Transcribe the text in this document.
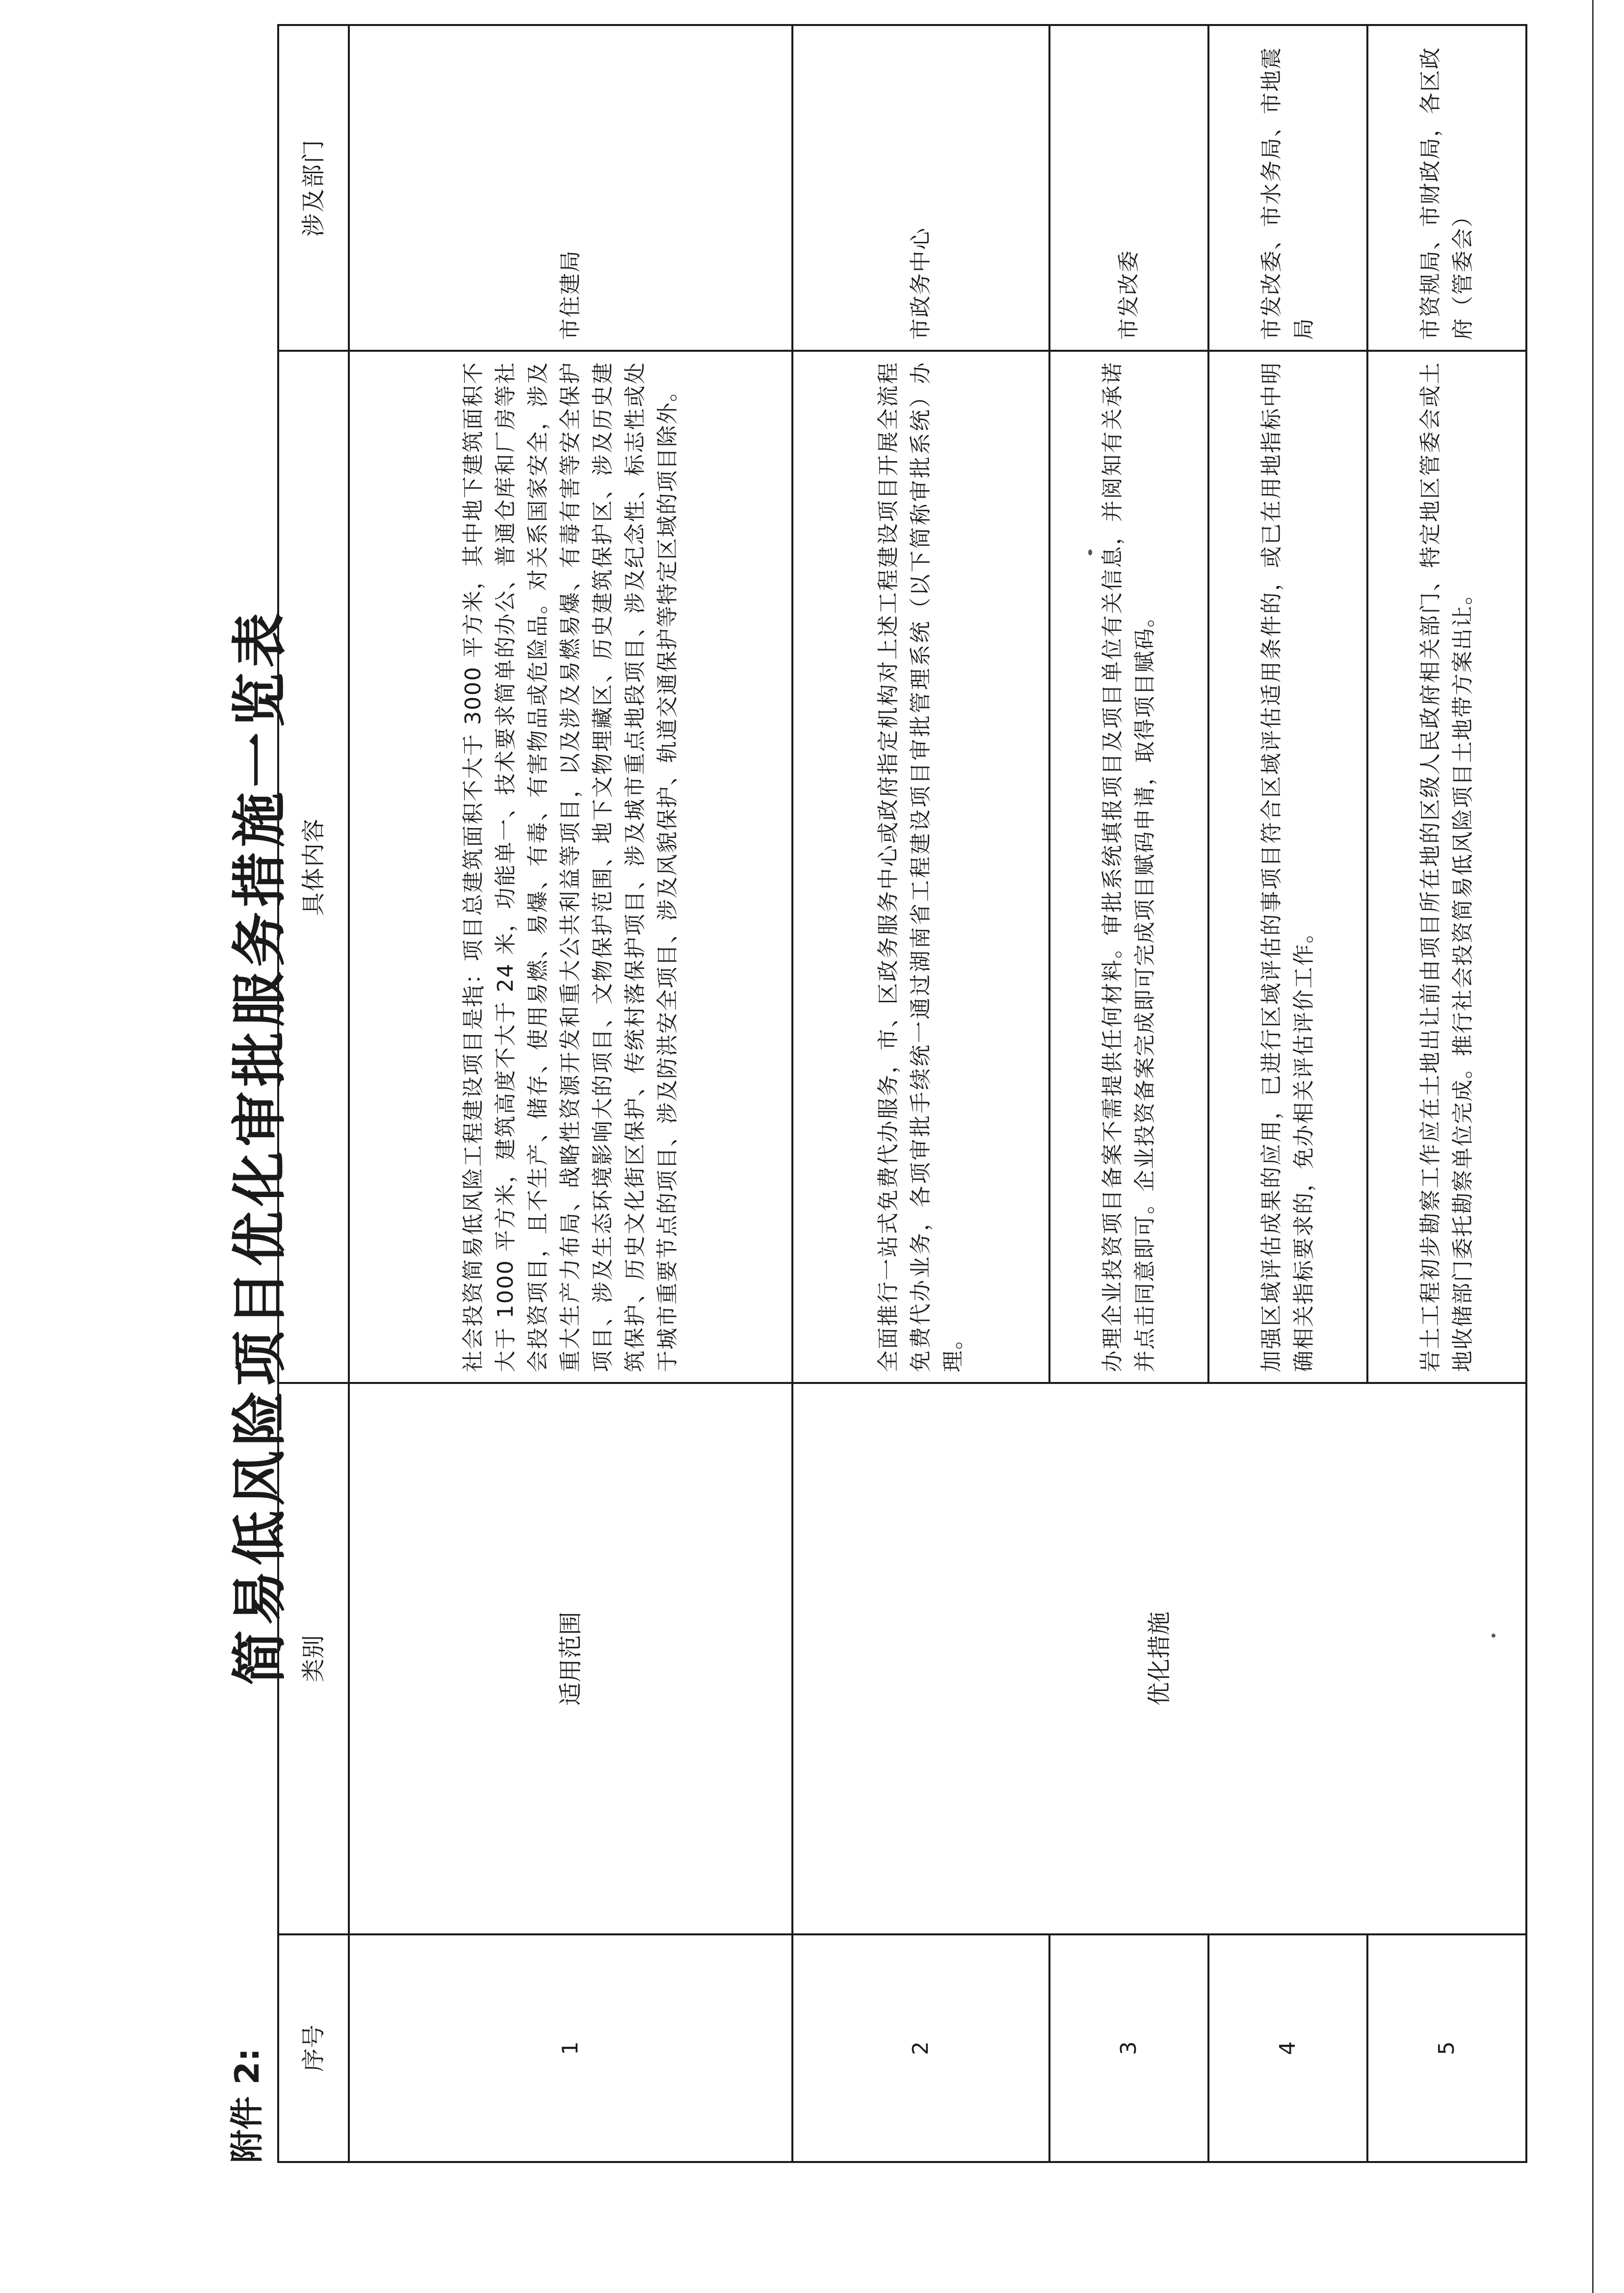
附件 2:
简易低风险项目优化审批服务措施一览表
序号	类别	具体内容	涉及部门
1	适用范围	社会投资简易低风险工程建设项目是指：项目总建筑面积不大于 3000 平方米，其中地下建筑面积不大于 1000 平方米，建筑高度不大于 24 米，功能单一、技术要求简单的办公、普通仓库和厂房等社会投资项目，且不生产、储存、使用易燃、易爆、有毒、有害物品或危险品。对关系国家安全，涉及重大生产力布局、战略性资源开发和重大公共利益等项目，以及涉及易燃易爆、有毒有害等安全保护项目、涉及生态环境影响大的项目、文物保护范围、地下文物埋藏区、历史建筑保护区、涉及历史建筑保护、历史文化街区保护、传统村落保护项目、涉及城市重点地段项目、涉及纪念性、标志性或处于城市重要节点的项目、涉及防洪安全项目、涉及风貌保护、轨道交通保护等特定区域的项目除外。	市住建局
2	优化措施	全面推行一站式免费代办服务，市、区政务服务中心或政府指定机构对上述工程建设项目开展全流程免费代办业务，各项审批手续统一通过湖南省工程建设项目审批管理系统（以下简称审批系统）办理。	市政务中心
3		办理企业投资项目备案不需提供任何材料。审批系统填报项目及项目单位有关信息，并阅知有关承诺并点击同意即可。企业投资备案完成即可完成项目赋码申请，取得项目赋码。	市发改委
4		加强区域评估成果的应用，已进行区域评估的事项目符合区域评估适用条件的，或已在用地指标中明确相关指标要求的，免办相关评估评价工作。	市发改委、市水务局、市地震局
5		岩土工程初步勘察工作应在土地出让前由项目所在地的区级人民政府相关部门、特定地区管委会或土地收储部门委托勘察单位完成。推行社会投资简易低风险项目土地带方案出让。	市资规局、市财政局，各区政府（管委会）
